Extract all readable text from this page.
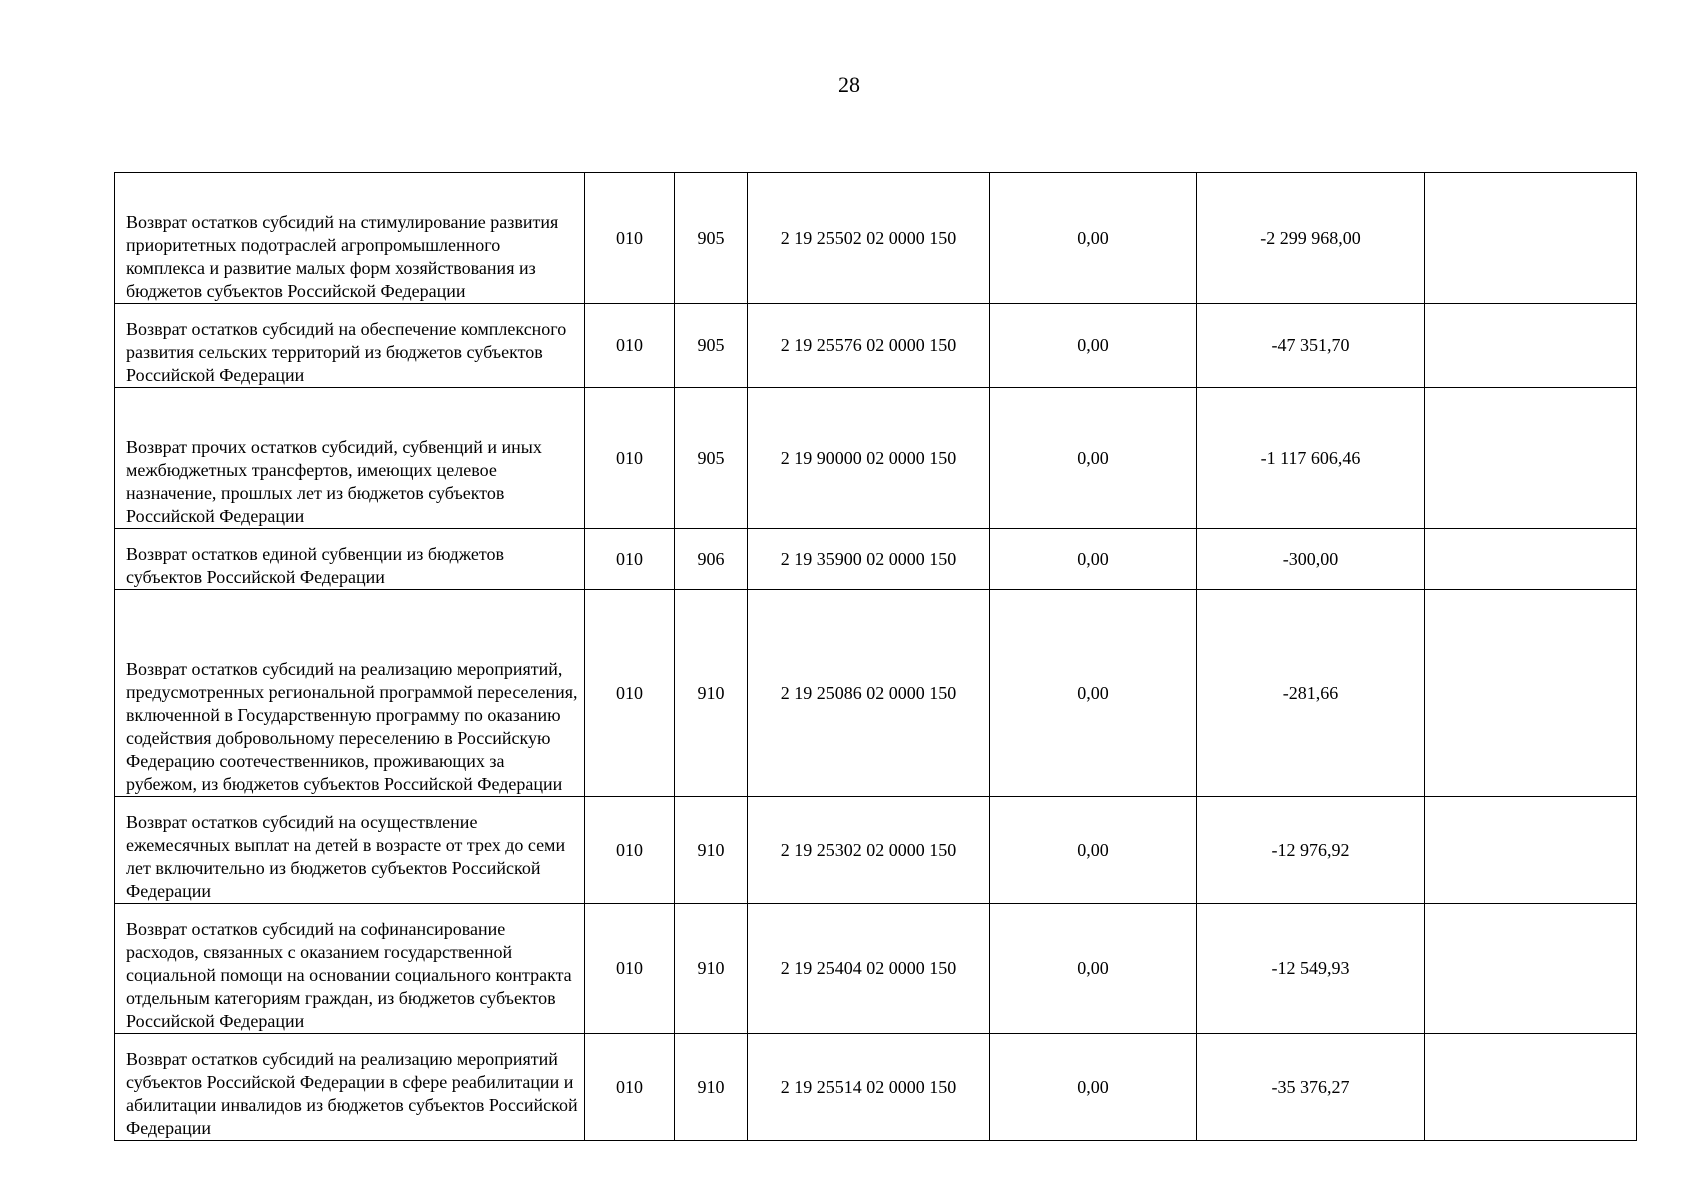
28
Возврат остатков субсидий на стимулирование развития приоритетных подотраслей агропромышленного комплекса и развитие малых форм хозяйствования из бюджетов субъектов Российской Федерации	010	905	2 19 25502 02 0000 150	0,00	-2 299 968,00	
Возврат остатков субсидий на обеспечение комплексного развития сельских территорий из бюджетов субъектов Российской Федерации	010	905	2 19 25576 02 0000 150	0,00	-47 351,70	
Возврат прочих остатков субсидий, субвенций и иных межбюджетных трансфертов, имеющих целевое назначение, прошлых лет из бюджетов субъектов Российской Федерации	010	905	2 19 90000 02 0000 150	0,00	-1 117 606,46	
Возврат остатков единой субвенции из бюджетов субъектов Российской Федерации	010	906	2 19 35900 02 0000 150	0,00	-300,00	
Возврат остатков субсидий на реализацию мероприятий, предусмотренных региональной программой переселения, включенной в Государственную программу по оказанию содействия добровольному переселению в Российскую Федерацию соотечественников, проживающих за рубежом, из бюджетов субъектов Российской Федерации	010	910	2 19 25086 02 0000 150	0,00	-281,66	
Возврат остатков субсидий на осуществление ежемесячных выплат на детей в возрасте от трех до семи лет включительно из бюджетов субъектов Российской Федерации	010	910	2 19 25302 02 0000 150	0,00	-12 976,92	
Возврат остатков субсидий на софинансирование расходов, связанных с оказанием государственной социальной помощи на основании социального контракта отдельным категориям граждан, из бюджетов субъектов Российской Федерации	010	910	2 19 25404 02 0000 150	0,00	-12 549,93	
Возврат остатков субсидий на реализацию мероприятий субъектов Российской Федерации в сфере реабилитации и абилитации инвалидов из бюджетов субъектов Российской Федерации	010	910	2 19 25514 02 0000 150	0,00	-35 376,27	
